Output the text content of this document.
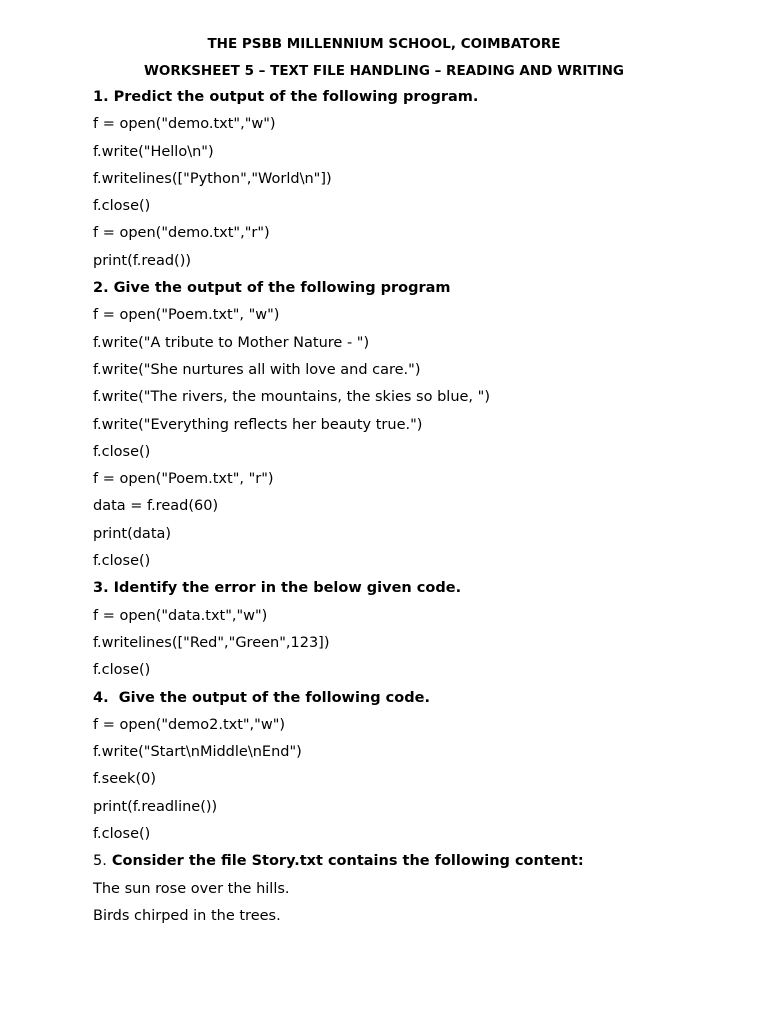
THE PSBB MILLENNIUM SCHOOL, COIMBATORE
WORKSHEET 5 – TEXT FILE HANDLING – READING AND WRITING
1. Predict the output of the following program.
f = open("demo.txt","w")
f.write("Hello\n")
f.writelines(["Python","World\n"])
f.close()
f = open("demo.txt","r")
print(f.read())
2. Give the output of the following program
f = open("Poem.txt", "w")
f.write("A tribute to Mother Nature - ")
f.write("She nurtures all with love and care.")
f.write("The rivers, the mountains, the skies so blue, ")
f.write("Everything reflects her beauty true.")
f.close()
f = open("Poem.txt", "r")
data = f.read(60)
print(data)
f.close()
3. Identify the error in the below given code.
f = open("data.txt","w")
f.writelines(["Red","Green",123])
f.close()
4.  Give the output of the following code.
f = open("demo2.txt","w")
f.write("Start\nMiddle\nEnd")
f.seek(0)
print(f.readline())
f.close()
5. Consider the file Story.txt contains the following content:
The sun rose over the hills.
Birds chirped in the trees.
